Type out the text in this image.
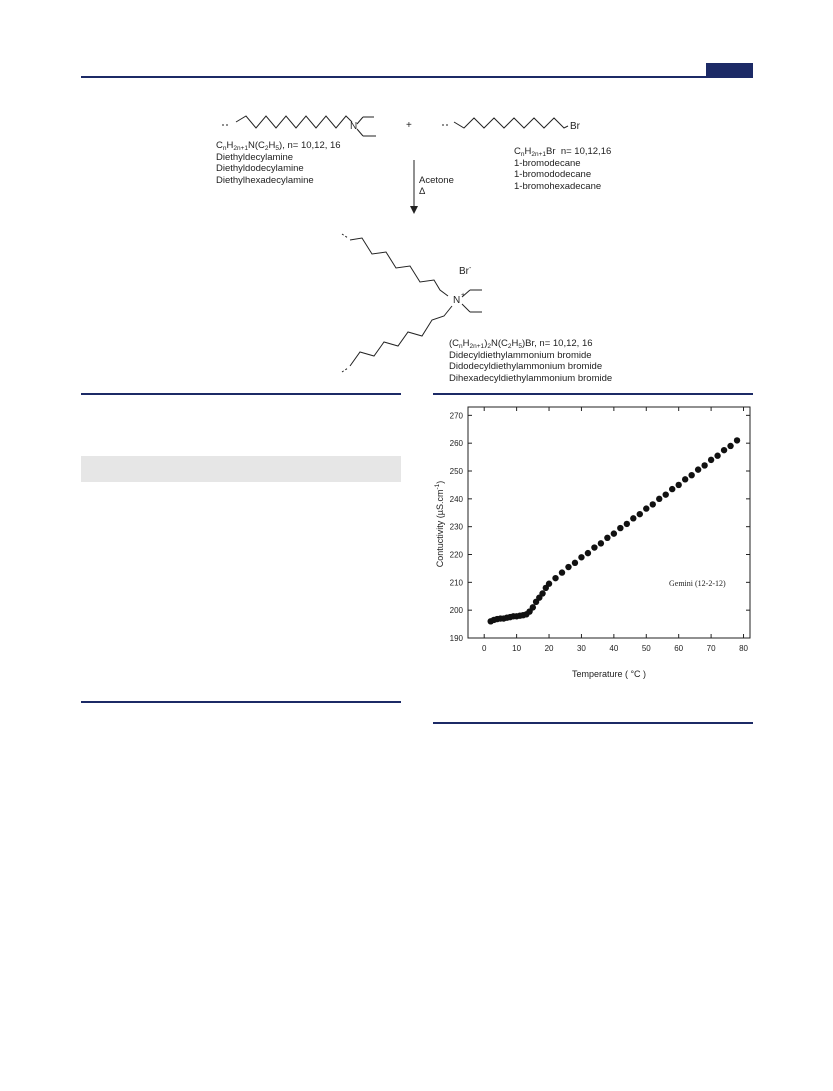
N	+	Br
Acetone
Δ
Br-
N +
$C_nH_{2n+1}N(C_2H_5)$, n= 10,12, 16
Diethyldecylamine
Diethyldodecylamine
Diethylhexadecylamine
$C_nH_{2n+1}Br$  n= 10,12,16
1-bromodecane
1-bromododecane
1-bromohexadecane
$(C_nH_{2n+1})_2N(C_2H_5)Br$, n= 10,12, 16
Didecyldiethylammonium bromide
Didodecyldiethylammonium bromide
Dihexadecyldiethylammonium bromide
0	10	20	30	40	50	60	70	80
190
200
210
220
230
240
250
260
270
Contuctivity $(\mu S.cm^{-1})$
Temperature ( °C )
Gemini (12-2-12)
